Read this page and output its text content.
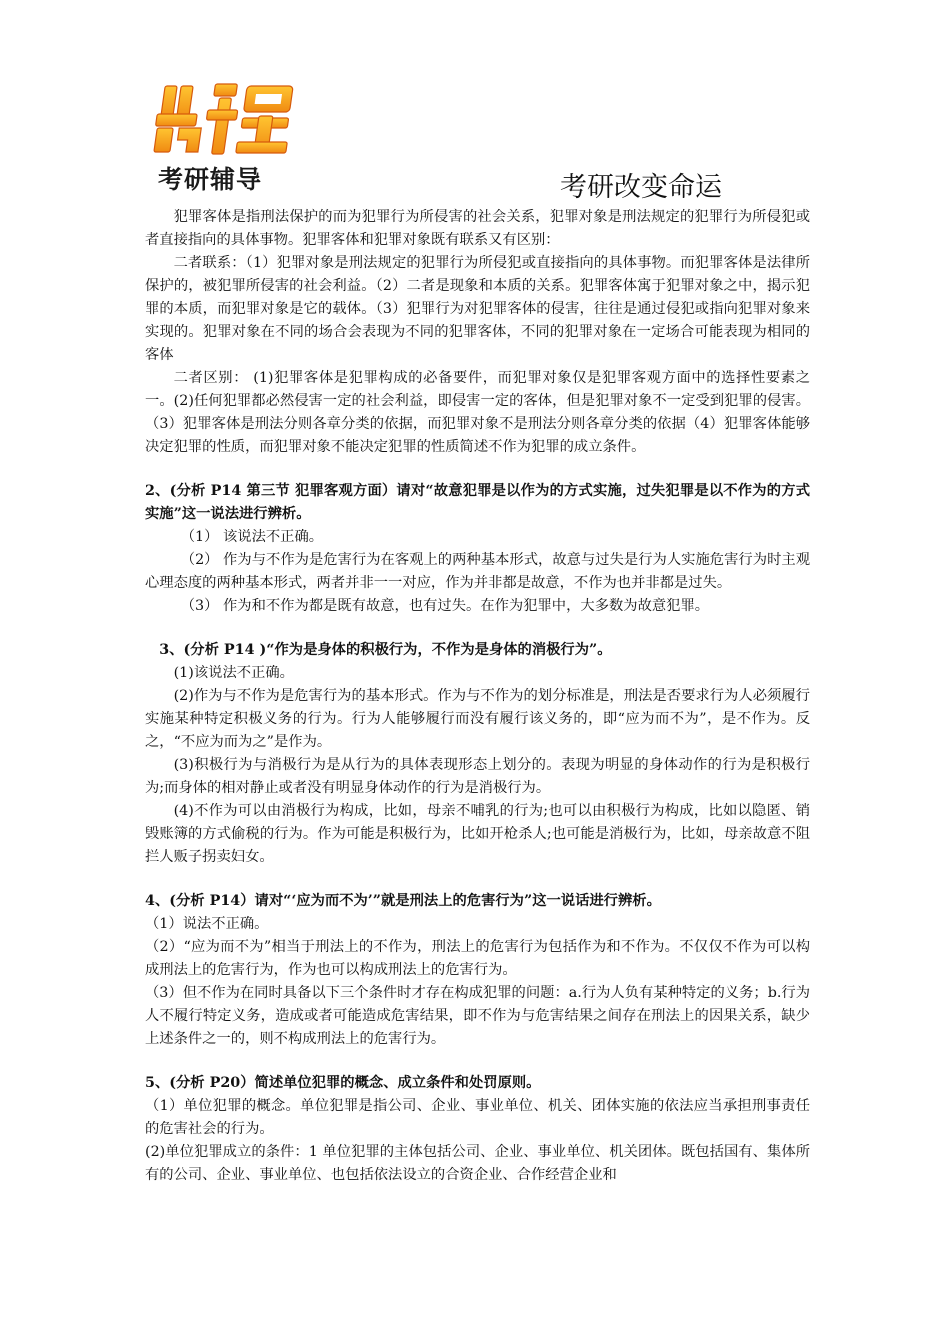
考研辅导	考研改变命运

犯罪客体是指刑法保护的而为犯罪行为所侵害的社会关系，犯罪对象是刑法规定的犯罪行为所侵犯或者直接指向的具体事物。犯罪客体和犯罪对象既有联系又有区别：

二者联系：（1）犯罪对象是刑法规定的犯罪行为所侵犯或直接指向的具体事物。而犯罪客体是法律所保护的，被犯罪所侵害的社会利益。（2）二者是现象和本质的关系。犯罪客体寓于犯罪对象之中，揭示犯罪的本质，而犯罪对象是它的载体。（3）犯罪行为对犯罪客体的侵害，往往是通过侵犯或指向犯罪对象来实现的。犯罪对象在不同的场合会表现为不同的犯罪客体，不同的犯罪对象在一定场合可能表现为相同的客体

二者区别： (1)犯罪客体是犯罪构成的必备要件，而犯罪对象仅是犯罪客观方面中的选择性要素之一。(2)任何犯罪都必然侵害一定的社会利益，即侵害一定的客体，但是犯罪对象不一定受到犯罪的侵害。（3）犯罪客体是刑法分则各章分类的依据，而犯罪对象不是刑法分则各章分类的依据（4）犯罪客体能够决定犯罪的性质，而犯罪对象不能决定犯罪的性质简述不作为犯罪的成立条件。

2、(分析 P14 第三节 犯罪客观方面）请对“故意犯罪是以作为的方式实施，过失犯罪是以不作为的方式实施”这一说法进行辨析。

（1） 该说法不正确。

（2） 作为与不作为是危害行为在客观上的两种基本形式，故意与过失是行为人实施危害行为时主观心理态度的两种基本形式，两者并非一一对应，作为并非都是故意，不作为也并非都是过失。

（3） 作为和不作为都是既有故意，也有过失。在作为犯罪中，大多数为故意犯罪。

3、(分析 P14 )“作为是身体的积极行为，不作为是身体的消极行为”。

(1)该说法不正确。

(2)作为与不作为是危害行为的基本形式。作为与不作为的划分标准是，刑法是否要求行为人必须履行实施某种特定积极义务的行为。行为人能够履行而没有履行该义务的，即“应为而不为”，是不作为。反之，“不应为而为之”是作为。

(3)积极行为与消极行为是从行为的具体表现形态上划分的。表现为明显的身体动作的行为是积极行为;而身体的相对静止或者没有明显身体动作的行为是消极行为。

(4)不作为可以由消极行为构成，比如，母亲不哺乳的行为;也可以由积极行为构成，比如以隐匿、销毁账簿的方式偷税的行为。作为可能是积极行为，比如开枪杀人;也可能是消极行为，比如，母亲故意不阻拦人贩子拐卖妇女。

4、(分析 P14）请对“‘应为而不为’”就是刑法上的危害行为”这一说话进行辨析。

（1）说法不正确。

（2）“应为而不为”相当于刑法上的不作为，刑法上的危害行为包括作为和不作为。不仅仅不作为可以构成刑法上的危害行为，作为也可以构成刑法上的危害行为。

（3）但不作为在同时具备以下三个条件时才存在构成犯罪的问题：a.行为人负有某种特定的义务；b.行为人不履行特定义务，造成或者可能造成危害结果，即不作为与危害结果之间存在刑法上的因果关系，缺少上述条件之一的，则不构成刑法上的危害行为。

5、(分析 P20）简述单位犯罪的概念、成立条件和处罚原则。

（1）单位犯罪的概念。单位犯罪是指公司、企业、事业单位、机关、团体实施的依法应当承担刑事责任的危害社会的行为。

(2)单位犯罪成立的条件：1 单位犯罪的主体包括公司、企业、事业单位、机关团体。既包括国有、集体所有的公司、企业、事业单位、也包括依法设立的合资企业、合作经营企业和
